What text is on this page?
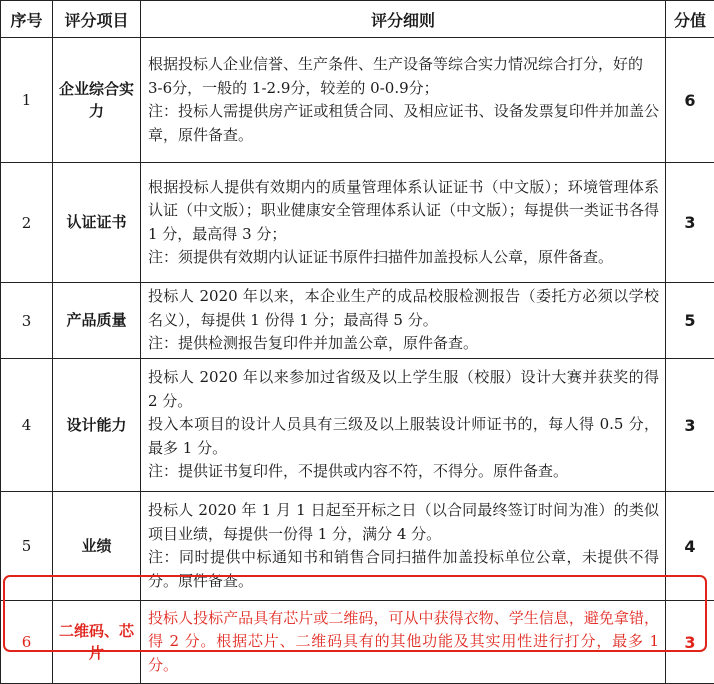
序号	评分项目	评分细则	分值
1	企业综合实力	根据投标人企业信誉、生产条件、生产设备等综合实力情况综合打分，好的
3-6分，一般的 1-2.9分，较差的 0-0.9分；
注：投标人需提供房产证或租赁合同、及相应证书、设备发票复印件并加盖公章，原件备查。	6
2	认证证书	根据投标人提供有效期内的质量管理体系认证证书（中文版）；环境管理体系认证（中文版）；职业健康安全管理体系认证（中文版）；每提供一类证书各得 1 分，最高得 3 分；
注：须提供有效期内认证证书原件扫描件加盖投标人公章，原件备查。	3
3	产品质量	投标人 2020 年以来，本企业生产的成品校服检测报告（委托方必须以学校名义），每提供 1 份得 1 分；最高得 5 分。
注：提供检测报告复印件并加盖公章，原件备查。	5
4	设计能力	投标人 2020 年以来参加过省级及以上学生服（校服）设计大赛并获奖的得 2 分。
投入本项目的设计人员具有三级及以上服装设计师证书的，每人得 0.5 分，最多 1 分。
注：提供证书复印件，不提供或内容不符，不得分。原件备查。	3
5	业绩	投标人 2020 年 1 月 1 日起至开标之日（以合同最终签订时间为准）的类似项目业绩，每提供一份得 1 分，满分 4 分。
注：同时提供中标通知书和销售合同扫描件加盖投标单位公章，未提供不得分。原件备查。	4
6	二维码、芯片	投标人投标产品具有芯片或二维码，可从中获得衣物、学生信息，避免拿错，得 2 分。根据芯片、二维码具有的其他功能及其实用性进行打分，最多 1 分。	3
